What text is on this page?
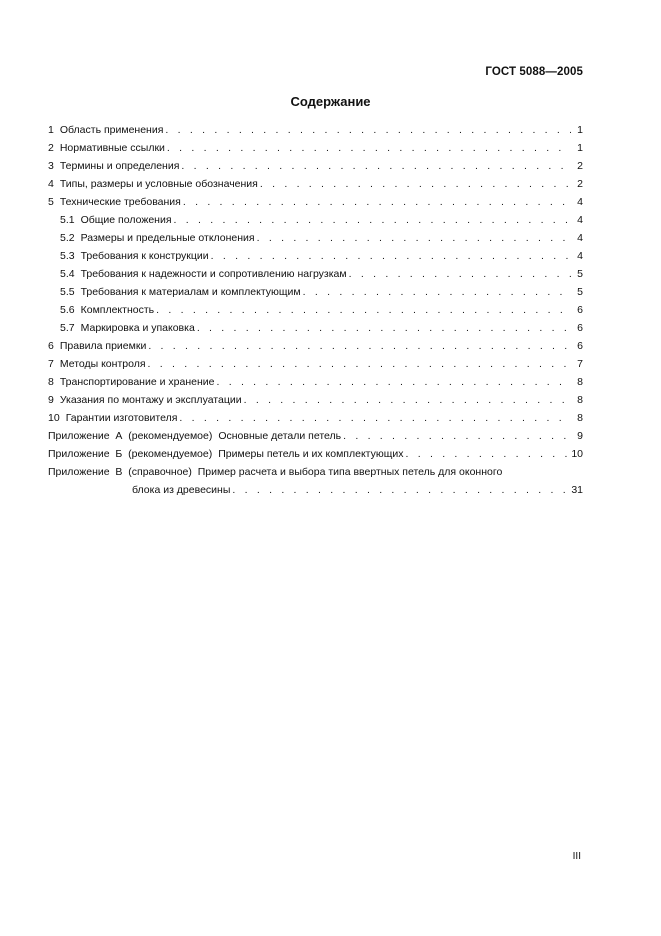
ГОСТ 5088—2005
Содержание
1 Область применения . . .	1
2 Нормативные ссылки . . .	1
3 Термины и определения . . .	2
4 Типы, размеры и условные обозначения . . .	2
5 Технические требования . . .	4
5.1 Общие положения . . .	4
5.2 Размеры и предельные отклонения . . .	4
5.3 Требования к конструкции . . .	4
5.4 Требования к надежности и сопротивлению нагрузкам . . .	5
5.5 Требования к материалам и комплектующим . . .	5
5.6 Комплектность . . .	6
5.7 Маркировка и упаковка . . .	6
6 Правила приемки . . .	6
7 Методы контроля . . .	7
8 Транспортирование и хранение . . .	8
9 Указания по монтажу и эксплуатации . . .	8
10 Гарантии изготовителя . . .	8
Приложение  А  (рекомендуемое) Основные детали петель . . .	9
Приложение  Б  (рекомендуемое) Примеры петель и их комплектующих . . .	10
Приложение  В  (справочное)  Пример расчета и выбора типа ввертных петель для оконного
блока из древесины . . .	31
III
